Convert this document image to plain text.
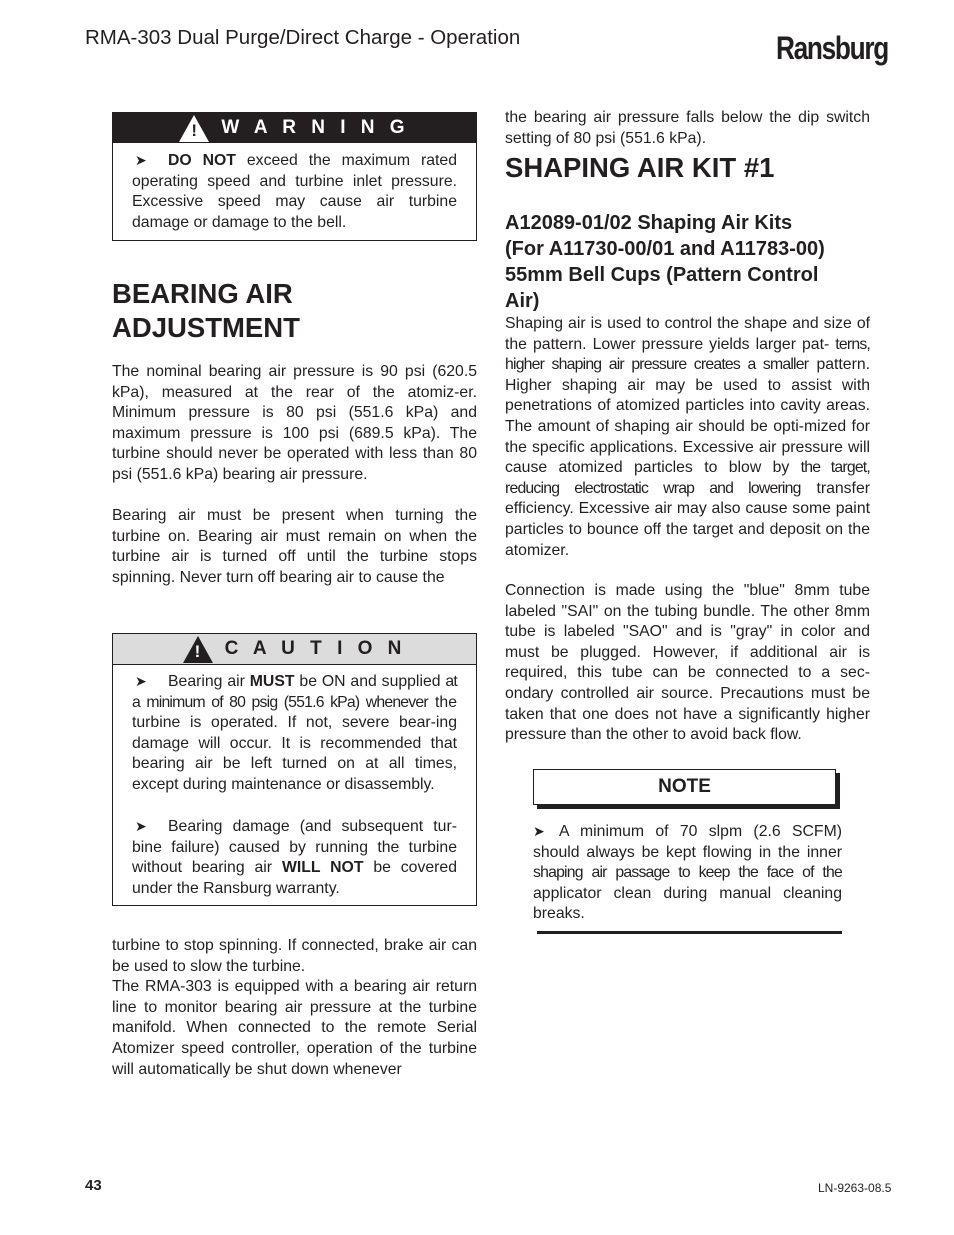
RMA-303 Dual Purge/Direct Charge - Operation	Ransburg
! W A R N I N G

➤ DO NOT exceed the maximum rated operating speed and turbine inlet pressure. Excessive speed may cause air turbine damage or damage to the bell.

BEARING AIR
ADJUSTMENT

The nominal bearing air pressure is 90 psi (620.5 kPa), measured at the rear of the atomiz-er. Minimum pressure is 80 psi (551.6 kPa) and maximum pressure is 100 psi (689.5 kPa). The turbine should never be operated with less than 80 psi (551.6 kPa) bearing air pressure.

Bearing air must be present when turning the turbine on. Bearing air must remain on when the turbine air is turned off until the turbine stops spinning. Never turn off bearing air to cause the

! C A U T I O N

➤ Bearing air MUST be ON and supplied at a minimum of 80 psig (551.6 kPa) whenever the turbine is operated. If not, severe bear-ing damage will occur. It is recommended that bearing air be left turned on at all times, except during maintenance or disassembly.

➤ Bearing damage (and subsequent tur-bine failure) caused by running the turbine without bearing air WILL NOT be covered under the Ransburg warranty.

turbine to stop spinning. If connected, brake air can be used to slow the turbine.

The RMA-303 is equipped with a bearing air return line to monitor bearing air pressure at the turbine manifold. When connected to the remote Serial Atomizer speed controller, operation of the turbine will automatically be shut down whenever

the bearing air pressure falls below the dip switch setting of 80 psi (551.6 kPa).

SHAPING AIR KIT #1
A12089-01/02 Shaping Air Kits
(For A11730-00/01 and A11783-00)
55mm Bell Cups (Pattern Control
Air)

Shaping air is used to control the shape and size of the pattern. Lower pressure yields larger pat- terns, higher shaping air pressure creates a smaller pattern. Higher shaping air may be used to assist with penetrations of atomized particles into cavity areas. The amount of shaping air should be opti-mized for the specific applications. Excessive air pressure will cause atomized particles to blow by the target, reducing electrostatic wrap and lowering transfer efficiency. Excessive air may also cause some paint particles to bounce off the target and deposit on the atomizer.

Connection is made using the "blue" 8mm tube labeled "SAI" on the tubing bundle. The other 8mm tube is labeled "SAO" and is "gray" in color and must be plugged. However, if additional air is required, this tube can be connected to a sec-ondary controlled air source. Precautions must be taken that one does not have a significantly higher pressure than the other to avoid back flow.

NOTE

➤ A minimum of 70 slpm (2.6 SCFM) should always be kept flowing in the inner shaping air passage to keep the face of the applicator clean during manual cleaning breaks.

43	LN-9263-08.5
